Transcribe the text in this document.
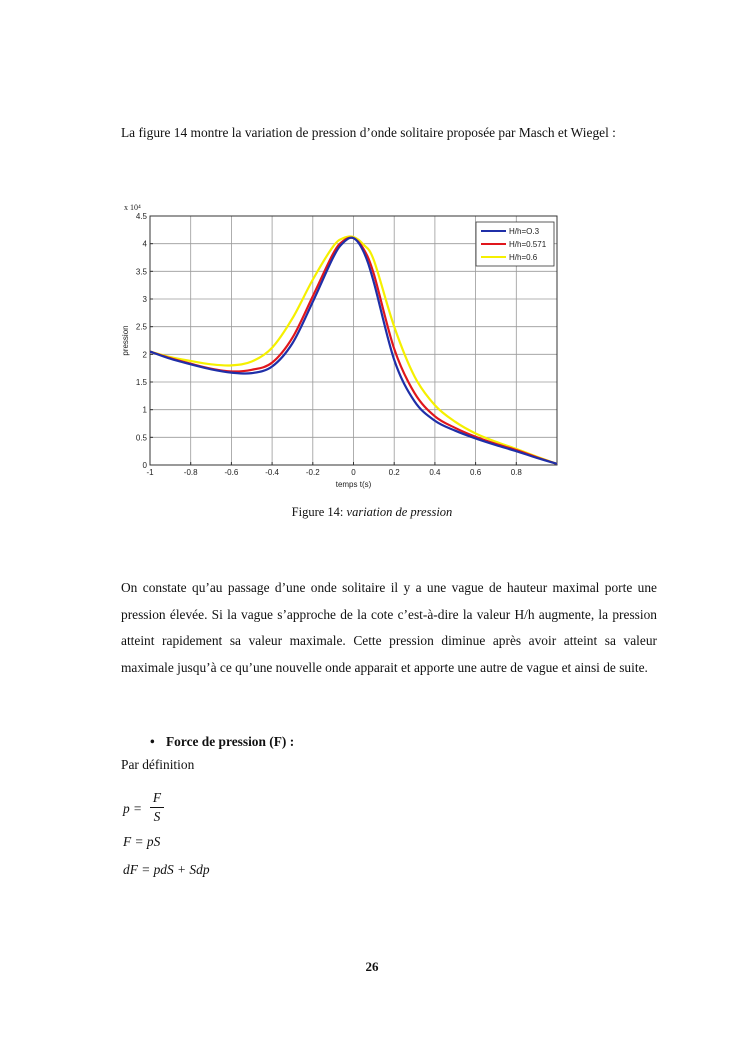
La figure 14 montre la variation de pression d’onde solitaire proposée par Masch et Wiegel :

-1	-0.8	-0.6	-0.4	-0.2	0	0.2	0.4	0.6	0.8
0
0.5
1
1.5
2
2.5
3
3.5
4
4.5
temps t(s)
pression
x 10⁴
H/h=O.3
H/h=0.571
H/h=0.6
Figure 14: variation de pression

On constate qu’au passage d’une onde solitaire il y a une vague de hauteur maximal porte une pression élevée. Si la vague s’approche de la cote c’est-à-dire la valeur H/h augmente, la pression atteint rapidement sa valeur maximale. Cette pression diminue après avoir atteint sa valeur maximale jusqu’à ce qu’une nouvelle onde apparait et apporte une autre de vague et ainsi de suite.

• Force de pression (F) :
Par définition
p =
F
S
F = pS
dF = pdS + Sdp
26
